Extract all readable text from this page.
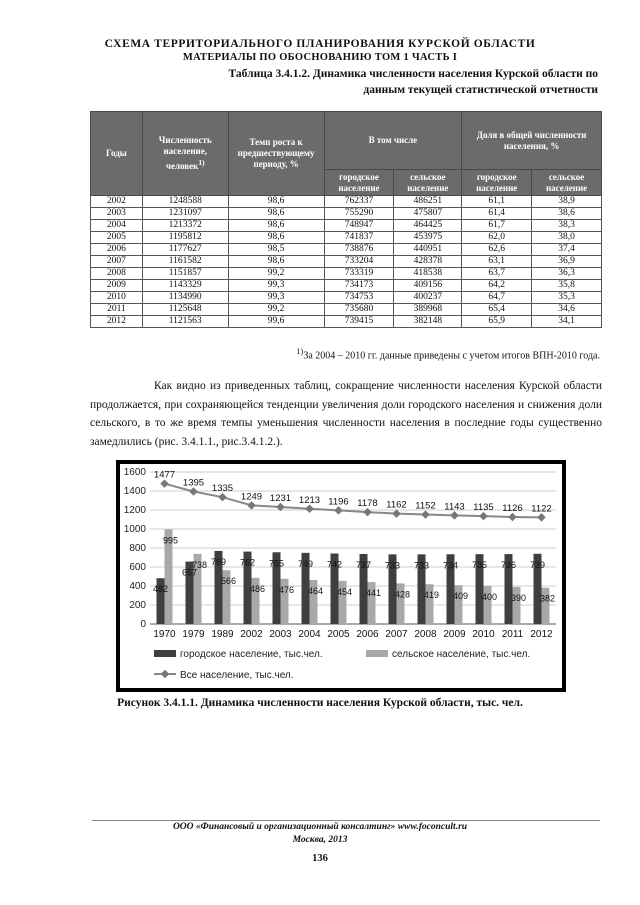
СХЕМА ТЕРРИТОРИАЛЬНОГО ПЛАНИРОВАНИЯ КУРСКОЙ ОБЛАСТИ
МАТЕРИАЛЫ ПО ОБОСНОВАНИЮ ТОМ 1 ЧАСТЬ I
Таблица 3.4.1.2. Динамика численности населения Курской области по
данным текущей статистической отчетности
Годы	Численность население, человек$^{1)}$	Темп роста к предшествующему периоду, %	В том числе		Доля в общей численности населения, %	
			городское население	сельское население	городское население	сельское население
2002	1248588	98,6	762337	486251	61,1	38,9
2003	1231097	98,6	755290	475807	61,4	38,6
2004	1213372	98,6	748947	464425	61,7	38,3
2005	1195812	98,6	741837	453975	62,0	38,0
2006	1177627	98,5	738876	440951	62,6	37,4
2007	1161582	98,6	733204	428378	63,1	36,9
2008	1151857	99,2	733319	418538	63,7	36,3
2009	1143329	99,3	734173	409156	64,2	35,8
2010	1134990	99,3	734753	400237	64,7	35,3
2011	1125648	99,2	735680	389968	65,4	34,6
2012	1121563	99,6	739415	382148	65,9	34,1
$^{1)}$За 2004 – 2010 гг. данные приведены с учетом итогов ВПН-2010 года.
Как видно из приведенных таблиц, сокращение численности населения Курской области продолжается, при сохраняющейся тенденции увеличения доли городского населения и снижения доли сельского, в то же время темпы уменьшения численности населения в последние годы существенно замедлились (рис. 3.4.1.1., рис.3.4.1.2.).
0
200
400
600
800
1000
1200
1400
1600
482
995
1970
657
738
1979
769
566
1989
762
486
2002
755
476
2003
749
464
2004
742
454
2005
737
441
2006
733
428
2007
733
419
2008
734
409
2009
735
400
2010
736
390
2011
739
382
2012
1477
1395
1335
1249 1231 1213 1196 1178 1162 1152 1143 1135 1126 1122
городское население, тыс.чел.	сельское население, тыс.чел.
Все население, тыс.чел.
Рисунок 3.4.1.1. Динамика численности населения Курской области, тыс. чел.
ООО «Финансовый и организационный консалтинг» www.foconcult.ru
Москва, 2013
136
